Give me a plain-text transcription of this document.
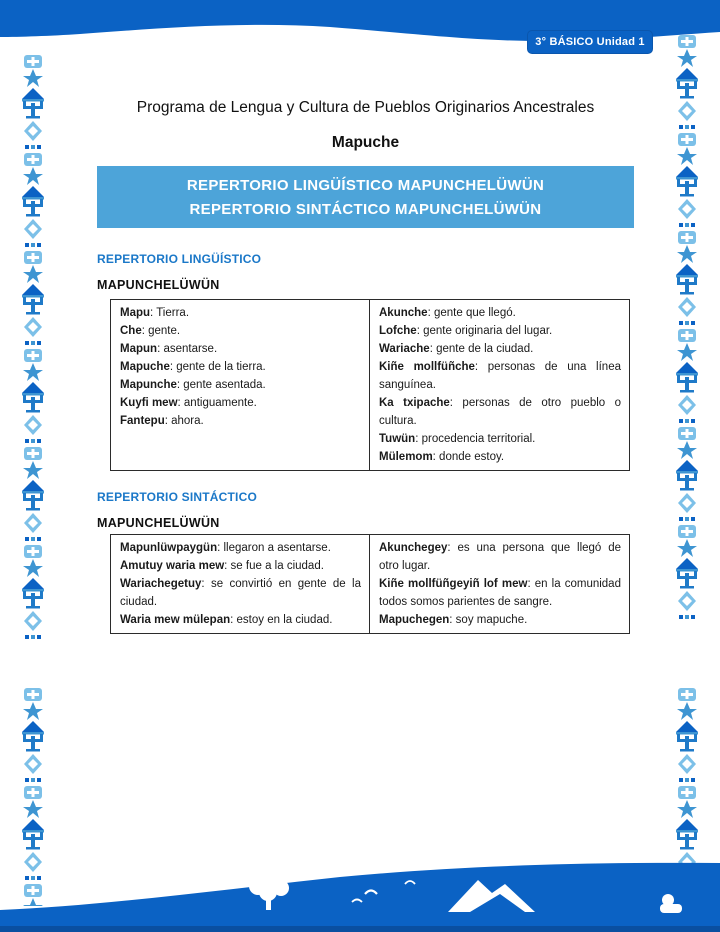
3° BÁSICO Unidad 1
Programa de Lengua y Cultura de Pueblos Originarios Ancestrales
Mapuche
REPERTORIO LINGÜÍSTICO MAPUNCHELÜWÜN
REPERTORIO SINTÁCTICO MAPUNCHELÜWÜN
REPERTORIO LINGÜÍSTICO
MAPUNCHELÜWÜN
Mapu: Tierra.
Che: gente.
Mapun: asentarse.
Mapuche: gente de la tierra.
Mapunche: gente asentada.
Kuyfi mew: antiguamente.
Fantepu: ahora.
Akunche: gente que llegó.
Lofche: gente originaria del lugar.
Wariache: gente de la ciudad.
Kiñe mollfüñche: personas de una línea sanguínea.
Ka txipache: personas de otro pueblo o cultura.
Tuwün: procedencia territorial.
Mülemom: donde estoy.
REPERTORIO SINTÁCTICO
MAPUNCHELÜWÜN
Mapunlüwpaygün: llegaron a asentarse.
Amutuy waria mew: se fue a la ciudad.
Wariachegetuy: se convirtió en gente de la ciudad.
Waria mew mülepan: estoy en la ciudad.
Akunchegey: es una persona que llegó de otro lugar.
Kiñe mollfüñgeyiñ lof mew: en la comunidad todos somos parientes de sangre.
Mapuchegen: soy mapuche.
